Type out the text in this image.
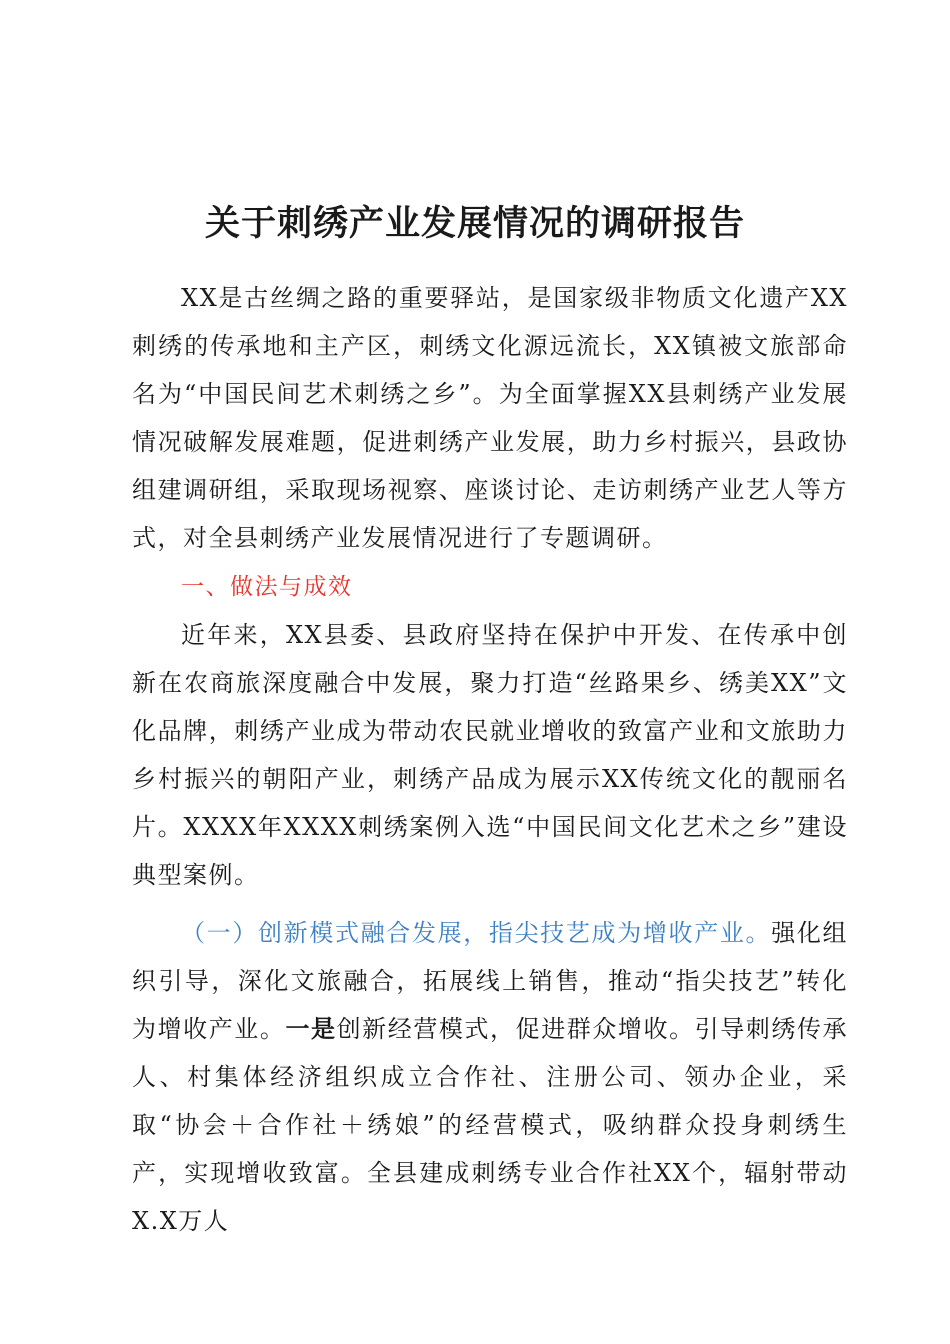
关于刺绣产业发展情况的调研报告

XX是古丝绸之路的重要驿站，是国家级非物质文化遗产XX刺绣的传承地和主产区，刺绣文化源远流长，XX镇被文旅部命名为“中国民间艺术刺绣之乡”。为全面掌握XX县刺绣产业发展情况破解发展难题，促进刺绣产业发展，助力乡村振兴，县政协组建调研组，采取现场视察、座谈讨论、走访刺绣产业艺人等方式，对全县刺绣产业发展情况进行了专题调研。

一、做法与成效

近年来，XX县委、县政府坚持在保护中开发、在传承中创新在农商旅深度融合中发展，聚力打造“丝路果乡、绣美XX”文化品牌，刺绣产业成为带动农民就业增收的致富产业和文旅助力乡村振兴的朝阳产业，刺绣产品成为展示XX传统文化的靓丽名片。XXXX年XXXX刺绣案例入选“中国民间文化艺术之乡”建设典型案例。

（一）创新模式融合发展，指尖技艺成为增收产业。强化组织引导，深化文旅融合，拓展线上销售，推动“指尖技艺”转化为增收产业。一是创新经营模式，促进群众增收。引导刺绣传承人、村集体经济组织成立合作社、注册公司、领办企业，采取“协会＋合作社＋绣娘”的经营模式，吸纳群众投身刺绣生产，实现增收致富。全县建成刺绣专业合作社XX个，辐射带动X.X万人
